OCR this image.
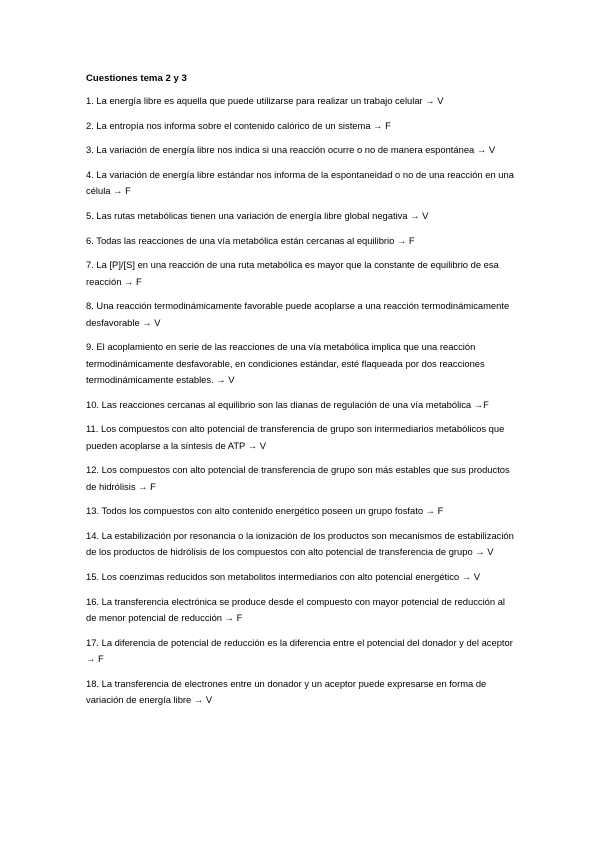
Cuestiones tema 2 y 3
1. La energía libre es aquella que puede utilizarse para realizar un trabajo celular → V
2. La entropía nos informa sobre el contenido calórico de un sistema → F
3. La variación de energía libre nos indica si una reacción ocurre o no de manera espontánea → V
4. La variación de energía libre estándar nos informa de la espontaneidad o no de una reacción en una célula → F
5. Las rutas metabólicas tienen una variación de energía libre global negativa → V
6. Todas las reacciones de una vía metabólica están cercanas al equilibrio → F
7. La [P]/[S] en una reacción de una ruta metabólica es mayor que la constante de equilibrio de esa reacción → F
8. Una reacción termodinámicamente favorable puede acoplarse a una reacción termodinámicamente desfavorable → V
9. El acoplamiento en serie de las reacciones de una vía metabólica implica que una reacción termodinámicamente desfavorable, en condiciones estándar, esté flaqueada por dos reacciones termodinámicamente estables. → V
10. Las reacciones cercanas al equilibrio son las dianas de regulación de una vía metabólica →F
11. Los compuestos con alto potencial de transferencia de grupo son intermediarios metabólicos que pueden acoplarse a la síntesis de ATP → V
12. Los compuestos con alto potencial de transferencia de grupo son más estables que sus productos de hidrólisis → F
13. Todos los compuestos con alto contenido energético poseen un grupo fosfato → F
14. La estabilización por resonancia o la ionización de los productos son mecanismos de estabilización de los productos de hidrólisis de los compuestos con alto potencial de transferencia de grupo → V
15. Los coenzimas reducidos son metabolitos intermediarios con alto potencial energético → V
16. La transferencia electrónica se produce desde el compuesto con mayor potencial de reducción al de menor potencial de reducción → F
17. La diferencia de potencial de reducción es la diferencia entre el potencial del donador y del aceptor → F
18. La transferencia de electrones entre un donador y un aceptor puede expresarse en forma de variación de energía libre → V
